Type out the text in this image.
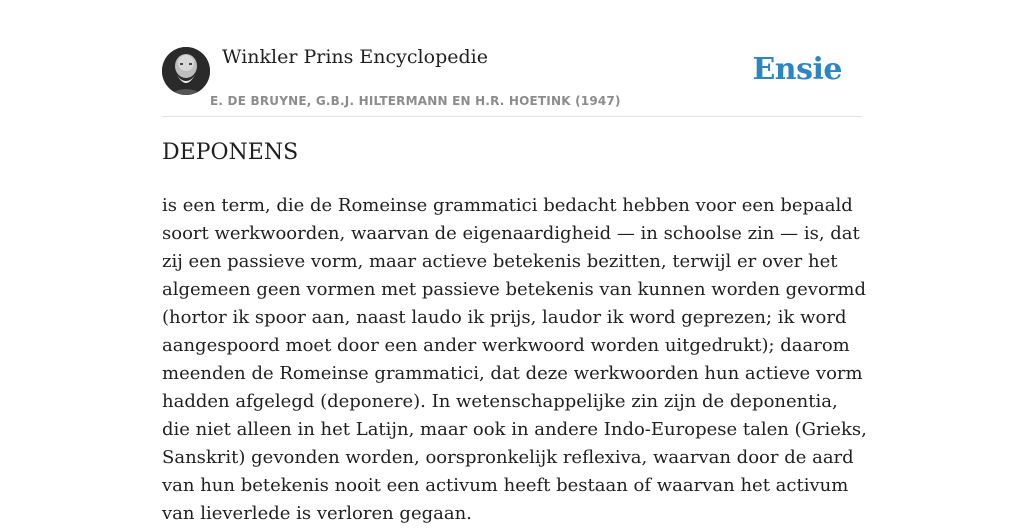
Winkler Prins Encyclopedie
E. DE BRUYNE, G.B.J. HILTERMANN EN H.R. HOETINK (1947)
Ensie
DEPONENS

is een term, die de Romeinse grammatici bedacht hebben voor een bepaald soort werkwoorden, waarvan de eigenaardigheid — in schoolse zin — is, dat zij een passieve vorm, maar actieve betekenis bezitten, terwijl er over het algemeen geen vormen met passieve betekenis van kunnen worden gevormd (hortor ik spoor aan, naast laudo ik prijs, laudor ik word geprezen; ik word aangespoord moet door een ander werkwoord worden uitgedrukt); daarom meenden de Romeinse grammatici, dat deze werkwoorden hun actieve vorm hadden afgelegd (deponere). In wetenschappelijke zin zijn de deponentia, die niet alleen in het Latijn, maar ook in andere Indo-Europese talen (Grieks, Sanskrit) gevonden worden, oorspronkelijk reflexiva, waarvan door de aard van hun betekenis nooit een activum heeft bestaan of waarvan het activum van lieverlede is verloren gegaan.
